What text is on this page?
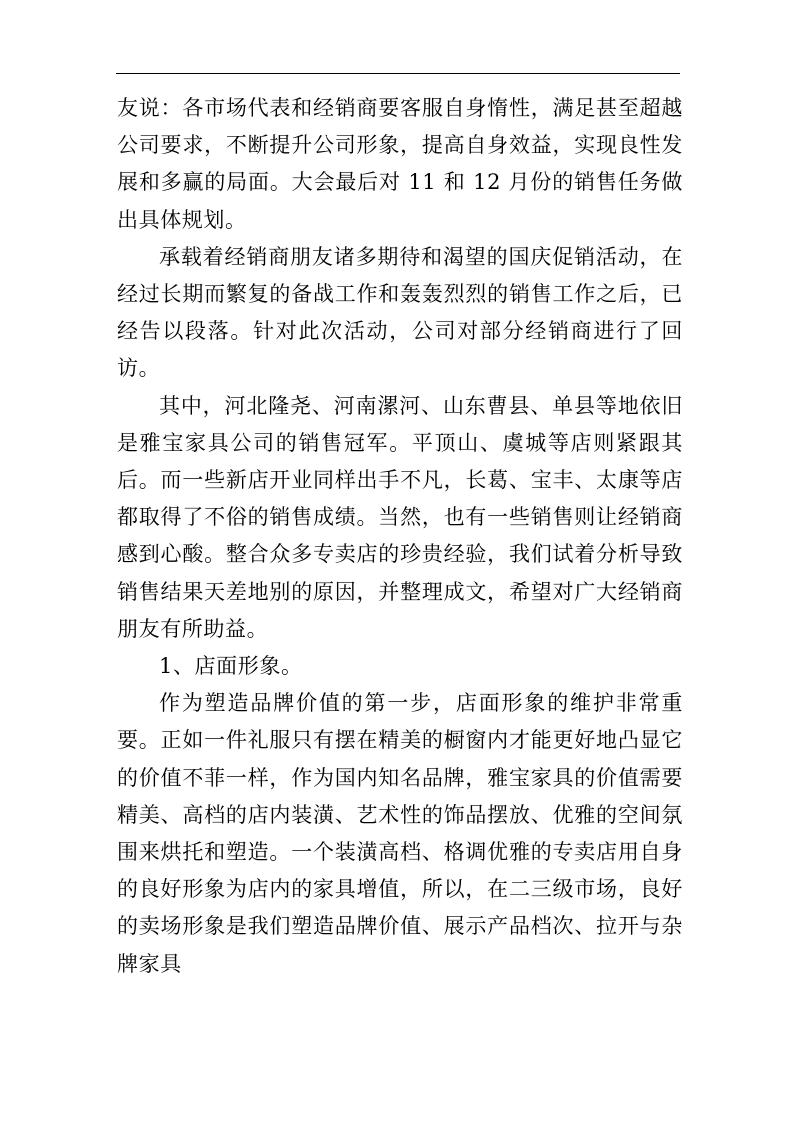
友说：各市场代表和经销商要客服自身惰性，满足甚至超越公司要求，不断提升公司形象，提高自身效益，实现良性发展和多赢的局面。大会最后对 11 和 12 月份的销售任务做出具体规划。

承载着经销商朋友诸多期待和渴望的国庆促销活动，在经过长期而繁复的备战工作和轰轰烈烈的销售工作之后，已经告以段落。针对此次活动，公司对部分经销商进行了回访。

其中，河北隆尧、河南漯河、山东曹县、单县等地依旧是雅宝家具公司的销售冠军。平顶山、虞城等店则紧跟其后。而一些新店开业同样出手不凡，长葛、宝丰、太康等店都取得了不俗的销售成绩。当然，也有一些销售则让经销商感到心酸。整合众多专卖店的珍贵经验，我们试着分析导致销售结果天差地别的原因，并整理成文，希望对广大经销商朋友有所助益。

1、店面形象。

作为塑造品牌价值的第一步，店面形象的维护非常重要。正如一件礼服只有摆在精美的橱窗内才能更好地凸显它的价值不菲一样，作为国内知名品牌，雅宝家具的价值需要精美、高档的店内装潢、艺术性的饰品摆放、优雅的空间氛围来烘托和塑造。一个装潢高档、格调优雅的专卖店用自身的良好形象为店内的家具增值，所以，在二三级市场，良好的卖场形象是我们塑造品牌价值、展示产品档次、拉开与杂牌家具
